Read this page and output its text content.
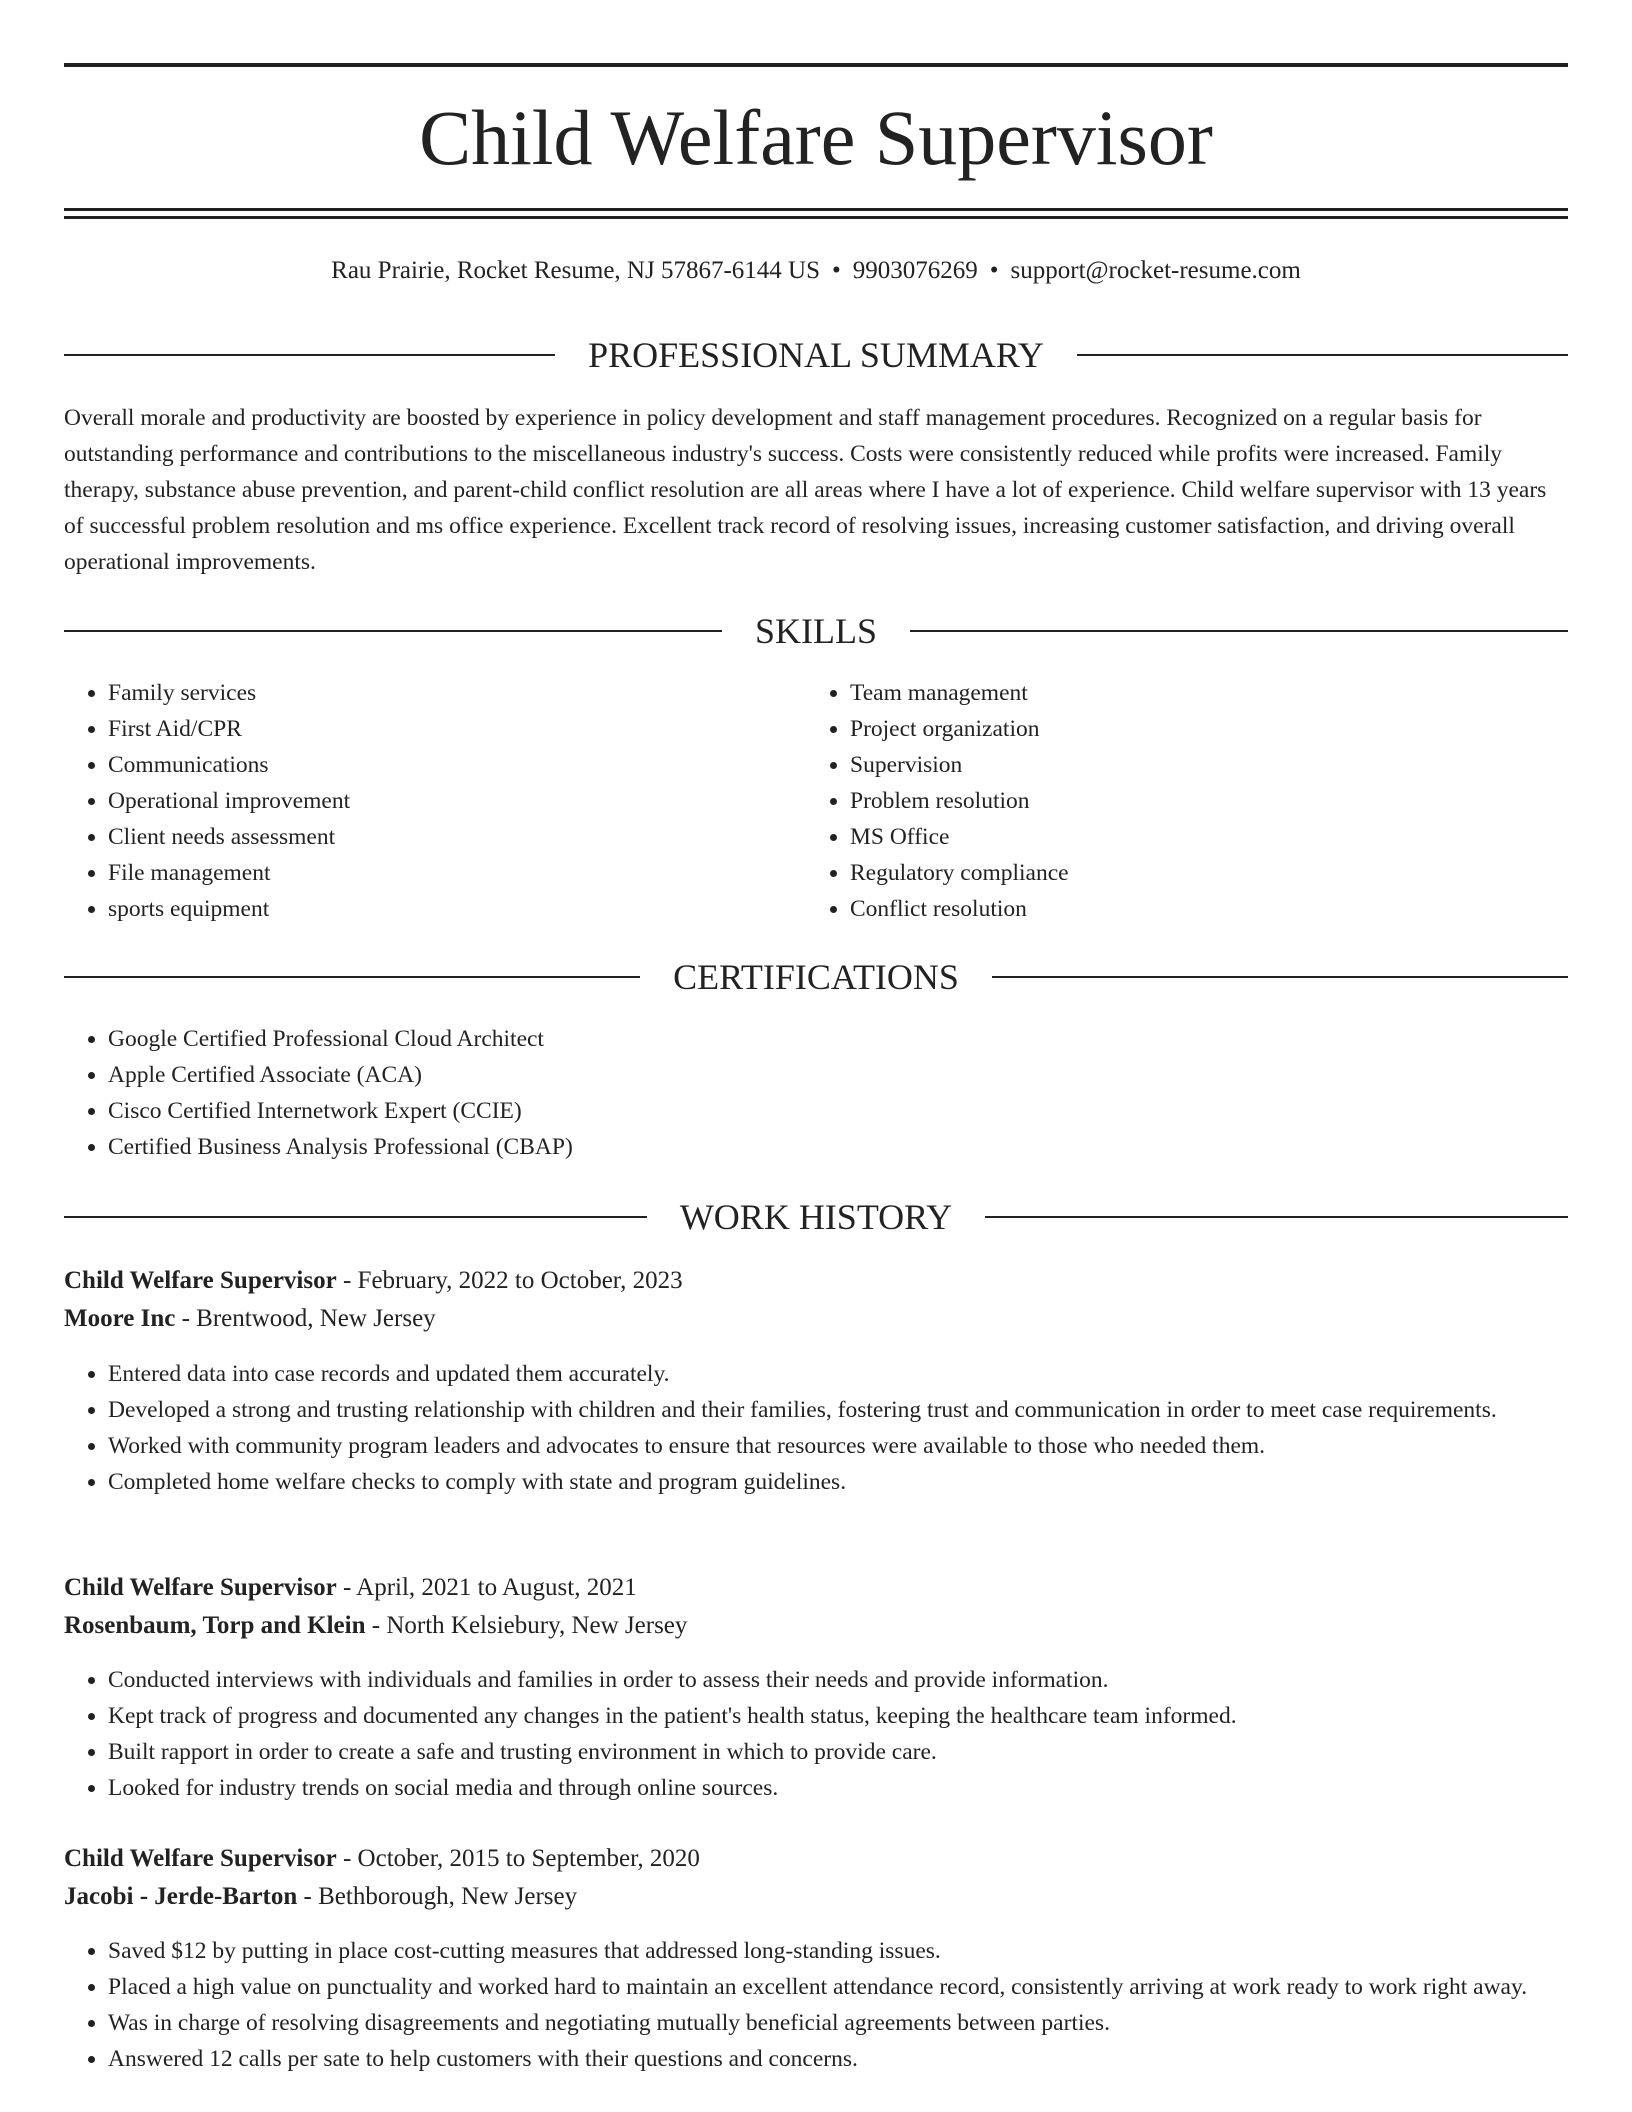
Child Welfare Supervisor
Rau Prairie, Rocket Resume, NJ 57867-6144 US • 9903076269 • support@rocket-resume.com
PROFESSIONAL SUMMARY

Overall morale and productivity are boosted by experience in policy development and staff management procedures. Recognized on a regular basis for outstanding performance and contributions to the miscellaneous industry's success. Costs were consistently reduced while profits were increased. Family therapy, substance abuse prevention, and parent-child conflict resolution are all areas where I have a lot of experience. Child welfare supervisor with 13 years of successful problem resolution and ms office experience. Excellent track record of resolving issues, increasing customer satisfaction, and driving overall operational improvements.

SKILLS
• Family services
• First Aid/CPR
• Communications
• Operational improvement
• Client needs assessment
• File management
• sports equipment
• Team management
• Project organization
• Supervision
• Problem resolution
• MS Office
• Regulatory compliance
• Conflict resolution
CERTIFICATIONS
• Google Certified Professional Cloud Architect
• Apple Certified Associate (ACA)
• Cisco Certified Internetwork Expert (CCIE)
• Certified Business Analysis Professional (CBAP)
WORK HISTORY
Child Welfare Supervisor - February, 2022 to October, 2023
Moore Inc - Brentwood, New Jersey
• Entered data into case records and updated them accurately.
• Developed a strong and trusting relationship with children and their families, fostering trust and communication in order to meet case requirements.
• Worked with community program leaders and advocates to ensure that resources were available to those who needed them.
• Completed home welfare checks to comply with state and program guidelines.
Child Welfare Supervisor - April, 2021 to August, 2021
Rosenbaum, Torp and Klein - North Kelsiebury, New Jersey
• Conducted interviews with individuals and families in order to assess their needs and provide information.
• Kept track of progress and documented any changes in the patient's health status, keeping the healthcare team informed.
• Built rapport in order to create a safe and trusting environment in which to provide care.
• Looked for industry trends on social media and through online sources.
Child Welfare Supervisor - October, 2015 to September, 2020
Jacobi - Jerde-Barton - Bethborough, New Jersey
• Saved $12 by putting in place cost-cutting measures that addressed long-standing issues.
• Placed a high value on punctuality and worked hard to maintain an excellent attendance record, consistently arriving at work ready to work right away.
• Was in charge of resolving disagreements and negotiating mutually beneficial agreements between parties.
• Answered 12 calls per sate to help customers with their questions and concerns.
